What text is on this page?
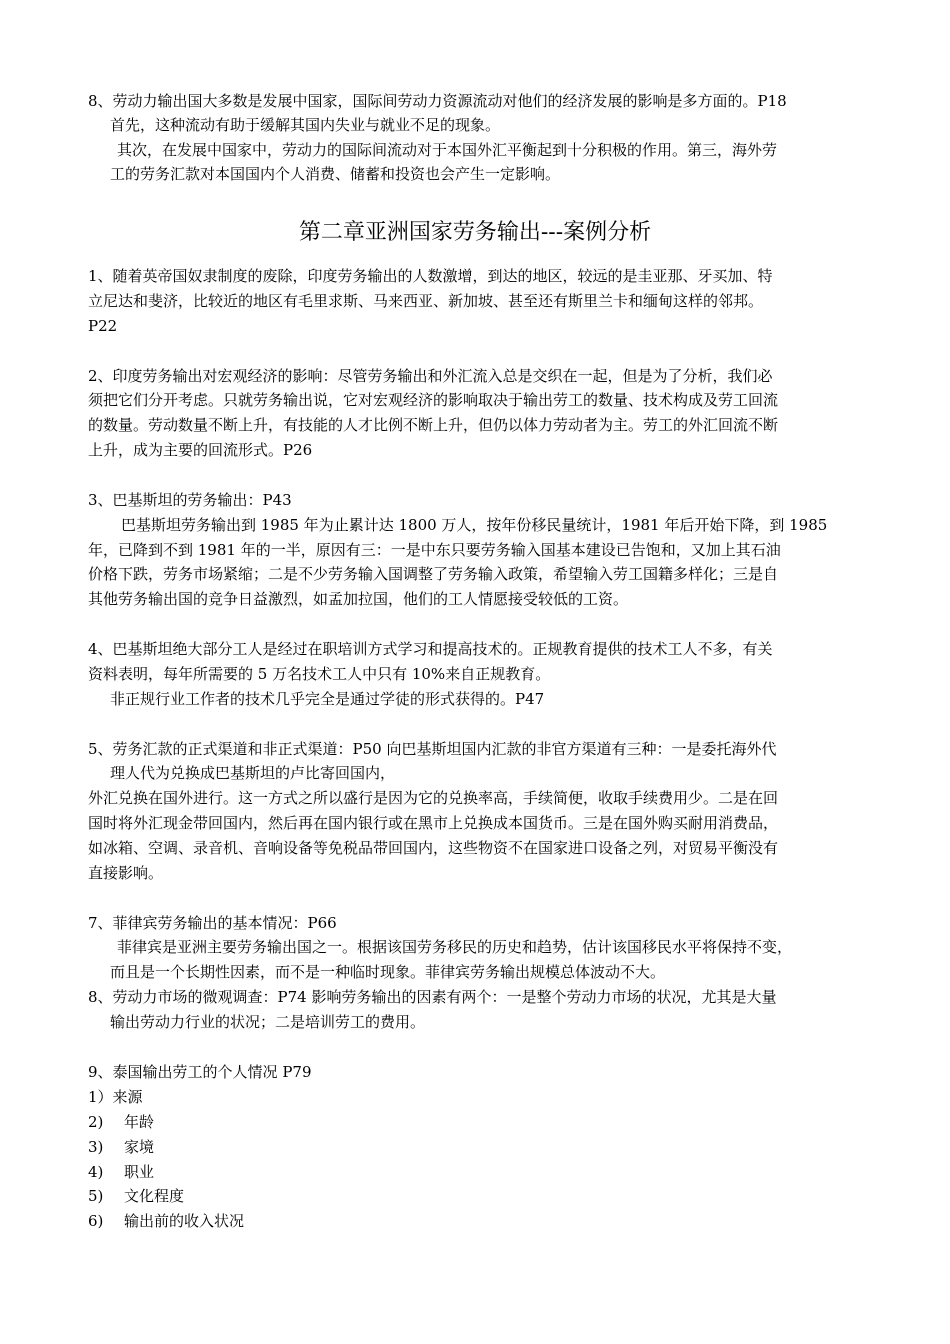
8、劳动力输出国大多数是发展中国家，国际间劳动力资源流动对他们的经济发展的影响是多方面的。P18
首先，这种流动有助于缓解其国内失业与就业不足的现象。
其次，在发展中国家中，劳动力的国际间流动对于本国外汇平衡起到十分积极的作用。第三，海外劳
工的劳务汇款对本国国内个人消费、储蓄和投资也会产生一定影响。
第二章亚洲国家劳务输出---案例分析
1、随着英帝国奴隶制度的废除，印度劳务输出的人数激增，到达的地区，较远的是圭亚那、牙买加、特
立尼达和斐济，比较近的地区有毛里求斯、马来西亚、新加坡、甚至还有斯里兰卡和缅甸这样的邻邦。
P22
2、印度劳务输出对宏观经济的影响：尽管劳务输出和外汇流入总是交织在一起，但是为了分析，我们必
须把它们分开考虑。只就劳务输出说，它对宏观经济的影响取决于输出劳工的数量、技术构成及劳工回流
的数量。劳动数量不断上升，有技能的人才比例不断上升，但仍以体力劳动者为主。劳工的外汇回流不断
上升，成为主要的回流形式。P26
3、巴基斯坦的劳务输出：P43
巴基斯坦劳务输出到 1985 年为止累计达 1800 万人，按年份移民量统计，1981 年后开始下降，到 1985
年，已降到不到 1981 年的一半，原因有三：一是中东只要劳务输入国基本建设已告饱和，又加上其石油
价格下跌，劳务市场紧缩；二是不少劳务输入国调整了劳务输入政策，希望输入劳工国籍多样化；三是自
其他劳务输出国的竞争日益激烈，如孟加拉国，他们的工人情愿接受较低的工资。
4、巴基斯坦绝大部分工人是经过在职培训方式学习和提高技术的。正规教育提供的技术工人不多，有关
资料表明，每年所需要的 5 万名技术工人中只有 10%来自正规教育。
非正规行业工作者的技术几乎完全是通过学徒的形式获得的。P47
5、劳务汇款的正式渠道和非正式渠道：P50 向巴基斯坦国内汇款的非官方渠道有三种：一是委托海外代
理人代为兑换成巴基斯坦的卢比寄回国内，
外汇兑换在国外进行。这一方式之所以盛行是因为它的兑换率高，手续简便，收取手续费用少。二是在回
国时将外汇现金带回国内，然后再在国内银行或在黑市上兑换成本国货币。三是在国外购买耐用消费品，
如冰箱、空调、录音机、音响设备等免税品带回国内，这些物资不在国家进口设备之列，对贸易平衡没有
直接影响。
7、菲律宾劳务输出的基本情况：P66
菲律宾是亚洲主要劳务输出国之一。根据该国劳务移民的历史和趋势，估计该国移民水平将保持不变，
而且是一个长期性因素，而不是一种临时现象。菲律宾劳务输出规模总体波动不大。
8、劳动力市场的微观调查：P74 影响劳务输出的因素有两个：一是整个劳动力市场的状况，尤其是大量
输出劳动力行业的状况；二是培训劳工的费用。
9、泰国输出劳工的个人情况 P79
1）来源
2) 年龄
3) 家境
4) 职业
5) 文化程度
6) 输出前的收入状况
